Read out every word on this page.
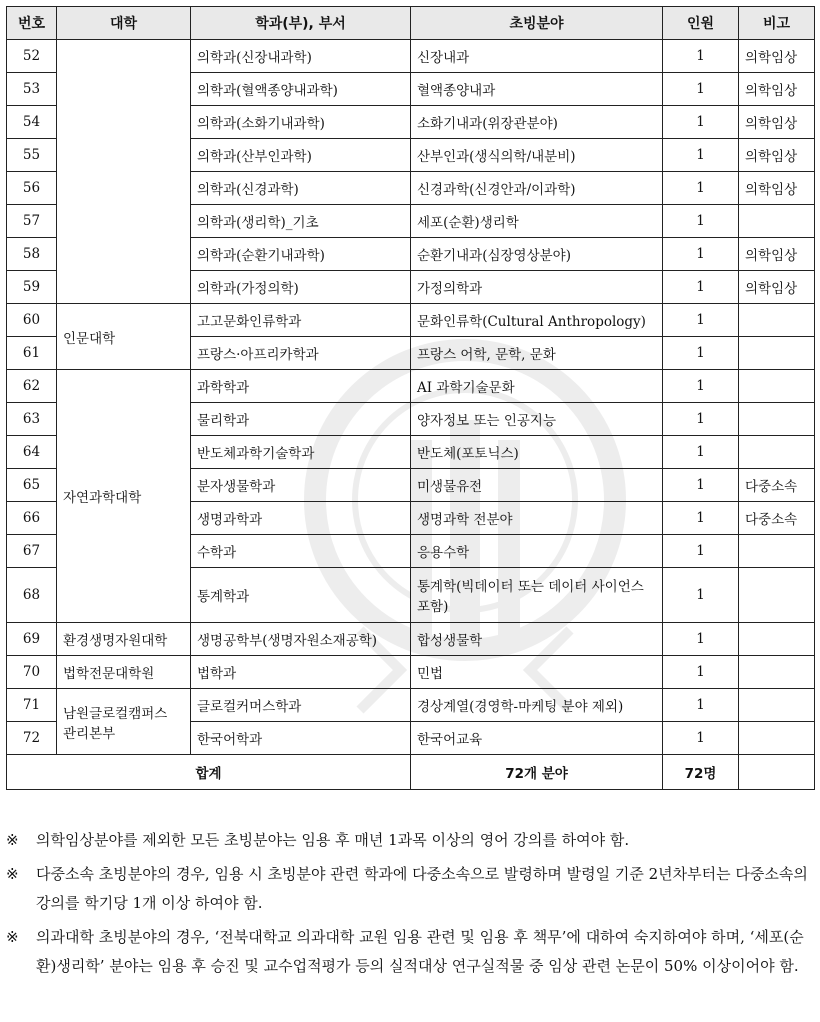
번호	대학	학과(부), 부서	초빙분야	인원	비고
52		의학과(신장내과학)	신장내과	1	의학임상
53		의학과(혈액종양내과학)	혈액종양내과	1	의학임상
54		의학과(소화기내과학)	소화기내과(위장관분야)	1	의학임상
55		의학과(산부인과학)	산부인과(생식의학/내분비)	1	의학임상
56		의학과(신경과학)	신경과학(신경안과/이과학)	1	의학임상
57		의학과(생리학)_기초	세포(순환)생리학	1	
58		의학과(순환기내과학)	순환기내과(심장영상분야)	1	의학임상
59		의학과(가정의학)	가정의학과	1	의학임상
60	인문대학	고고문화인류학과	문화인류학(Cultural Anthropology)	1	
61		프랑스·아프리카학과	프랑스 어학, 문학, 문화	1	
62	자연과학대학	과학학과	AI 과학기술문화	1	
63		물리학과	양자정보 또는 인공지능	1	
64		반도체과학기술학과	반도체(포토닉스)	1	
65		분자생물학과	미생물유전	1	다중소속
66		생명과학과	생명과학 전분야	1	다중소속
67		수학과	응용수학	1	
68		통계학과	통계학(빅데이터 또는 데이터 사이언스 포함)	1	
69	환경생명자원대학	생명공학부(생명자원소재공학)	합성생물학	1	
70	법학전문대학원	법학과	민법	1	
71	남원글로컬캠퍼스 관리본부	글로컬커머스학과	경상계열(경영학-마케팅 분야 제외)	1	
72		한국어학과	한국어교육	1	
합계			72개 분야	72명	

※	의학임상분야를 제외한 모든 초빙분야는 임용 후 매년 1과목 이상의 영어 강의를 하여야 함.

※	다중소속 초빙분야의 경우, 임용 시 초빙분야 관련 학과에 다중소속으로 발령하며 발령일 기준 2년차부터는 다중소속의 강의를 학기당 1개 이상 하여야 함.

※	의과대학 초빙분야의 경우, ‘전북대학교 의과대학 교원 임용 관련 및 임용 후 책무’에 대하여 숙지하여야 하며, ‘세포(순환)생리학’ 분야는 임용 후 승진 및 교수업적평가 등의 실적대상 연구실적물 중 임상 관련 논문이 50% 이상이어야 함.
